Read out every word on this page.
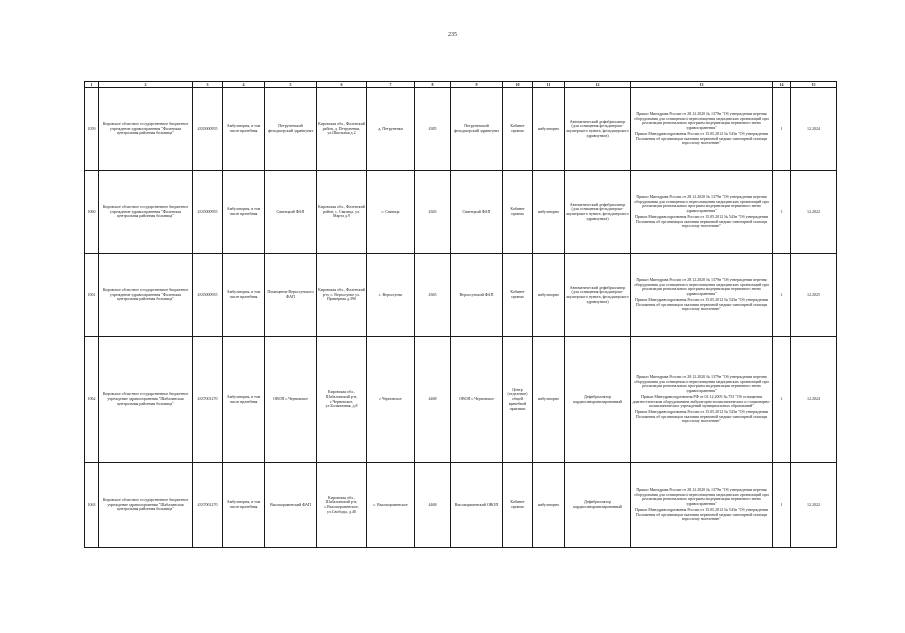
235
1	2	3	4	5	6	7	8	9	10	11	12	13	14	15
1059	Кировское областное государственное бюджетное учреждение здравоохранения "Фаленская центральная районная больница"	4335000955	Амбулатория, в том числе врачебная	Петруненский фельдшерский здравпункт	Кировская обл., Фаленский район, д. Петруненки, ул.Школьная д.2	д. Петруненки	4385	Петруненский фельдшерский здравпункт	Кабинет приема	амбулаторно	Автоматический дефибриллятор (для оснащения фельдшерско-акушерского пункта, фельдшерского здравпункта)	Приказ Минздрава России от 28.12.2020 № 1379н "Об утверждении перечня оборудования для оснащения и переоснащения медицинских организаций при реализации региональных программ модернизации первичного звена здравоохранения"
Приказ Минздравсоцразвития России от 15.05.2012 № 543н "Об утверждении Положения об организации оказания первичной медико-санитарной помощи взрослому населению"	1	12.2024
1060	Кировское областное государственное бюджетное учреждение здравоохранения "Фаленская центральная районная больница"	4335000955	Амбулатория, в том числе врачебная	Святецкий ФАП	Кировская обл., Фаленский район, с. Святица, ул. Марта д.9	с. Святица	4365	Святецкий ФАП	Кабинет приема	амбулаторно	Автоматический дефибриллятор (для оснащения фельдшерско-акушерского пункта, фельдшерского здравпункта)	Приказ Минздрава России от 28.12.2020 № 1379н "Об утверждении перечня оборудования для оснащения и переоснащения медицинских организаций при реализации региональных программ модернизации первичного звена здравоохранения"
Приказ Минздравсоцразвития России от 15.05.2012 № 543н "Об утверждении Положения об организации оказания первичной медико-санитарной помощи взрослому населению"	1	12.2022
1061	Кировское областное государственное бюджетное учреждение здравоохранения "Фаленская центральная районная больница"	4335000955	Амбулатория, в том числе врачебная	Помещение Верхосунского ФАП	Кировская обл., Фаленский р-н, с. Верхосунье ул. Примерная д.39б	с. Верхосунье	4365	Верхосунский ФАП	Кабинет приема	амбулаторно	Автоматический дефибриллятор (для оснащения фельдшерско-акушерского пункта, фельдшерского здравпункта)	Приказ Минздрава России от 28.12.2020 № 1379н "Об утверждении перечня оборудования для оснащения и переоснащения медицинских организаций при реализации региональных программ модернизации первичного звена здравоохранения"
Приказ Минздравсоцразвития России от 15.05.2012 № 543н "Об утверждении Положения об организации оказания первичной медико-санитарной помощи взрослому населению"	1	12.2025
1062	Кировское областное государственное бюджетное учреждение здравоохранения "Шабалинская центральная районная больница"	4337001270	Амбулатория, в том числе врачебная	ОВОП с.Черновское	Кировская обл., Шабалинский р-н, с.Черновское, ул.Больничная, д.8	с.Черновское	4468	ОВОП с.Черновское	Центр (отделение) общей врачебной практики	амбулаторно	Дефибриллятор кардиосинхронизированный	Приказ Минздрава России от 28.12.2020 № 1379н "Об утверждении перечня оборудования для оснащения и переоснащения медицинских организаций при реализации региональных программ модернизации первичного звена здравоохранения"
Приказ Минздравсоцразвития РФ от 01.12.2005 № 753 "Об оснащении диагностическим оборудованием амбулаторно-поликлинических и стационарно-поликлинических учреждений муниципальных образований"
Приказ Минздравсоцразвития России от 15.05.2012 № 543н "Об утверждении Положения об организации оказания первичной медико-санитарной помощи взрослому населению"	1	12.2024
1063	Кировское областное государственное бюджетное учреждение здравоохранения "Шабалинская центральная районная больница"	4337001270	Амбулатория, в том числе врачебная	Высокораменский ФАП	Кировская обл., Шабалинский р-н, с.Высокораменское, ул.Свободы, д.40	с. Высокораменское	4468	Высокораменский ОВОП	Кабинет приема	амбулаторно	Дефибриллятор кардиосинхронизированный	Приказ Минздрава России от 28.12.2020 № 1379н "Об утверждении перечня оборудования для оснащения и переоснащения медицинских организаций при реализации региональных программ модернизации первичного звена здравоохранения"
Приказ Минздравсоцразвития России от 15.05.2012 № 543н "Об утверждении Положения об организации оказания первичной медико-санитарной помощи взрослому населению"	1	12.2022
